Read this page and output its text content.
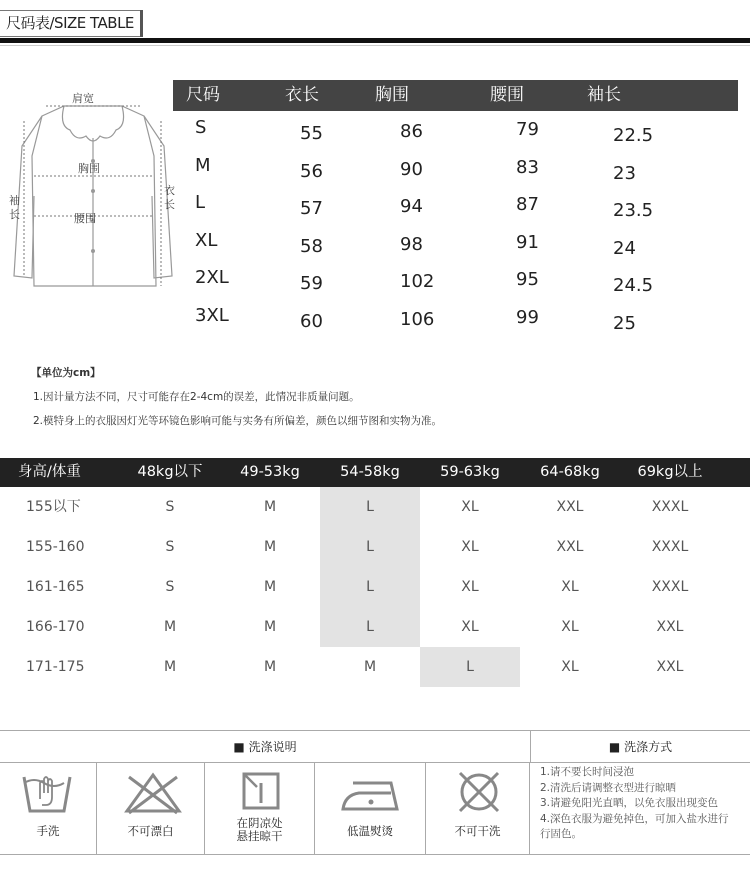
尺码表/SIZE TABLE
肩宽
胸围
腰围
袖
长
衣
长
尺码	衣长	胸围	腰围	袖长
S	55	86	79	22.5
M	56	90	83	23
L	57	94	87	23.5
XL	58	98	91	24
2XL	59	102	95	24.5
3XL	60	106	99	25
【单位为cm】

1.因计量方法不同，尺寸可能存在2-4cm的误差，此情况非质量问题。

2.模特身上的衣服因灯光等环镜色影响可能与实务有所偏差，颜色以细节图和实物为准。

身高/体重	48kg以下	49-53kg	54-58kg	59-63kg	64-68kg	69kg以上
155以下	S	M	L	XL	XXL	XXXL
155-160	S	M	L	XL	XXL	XXXL
161-165	S	M	L	XL	XL	XXXL
166-170	M	M	L	XL	XL	XXL
171-175	M	M	M	L	XL	XXL
■ 洗涤说明	■ 洗涤方式
手洗	不可漂白
在阴凉处
悬挂晾干	低温熨烫	不可干洗
1.请不要长时间浸泡
2.清洗后请调整衣型进行晾晒
3.请避免阳光直晒，以免衣服出现变色
4.深色衣服为避免掉色，可加入盐水进行
行固色。
